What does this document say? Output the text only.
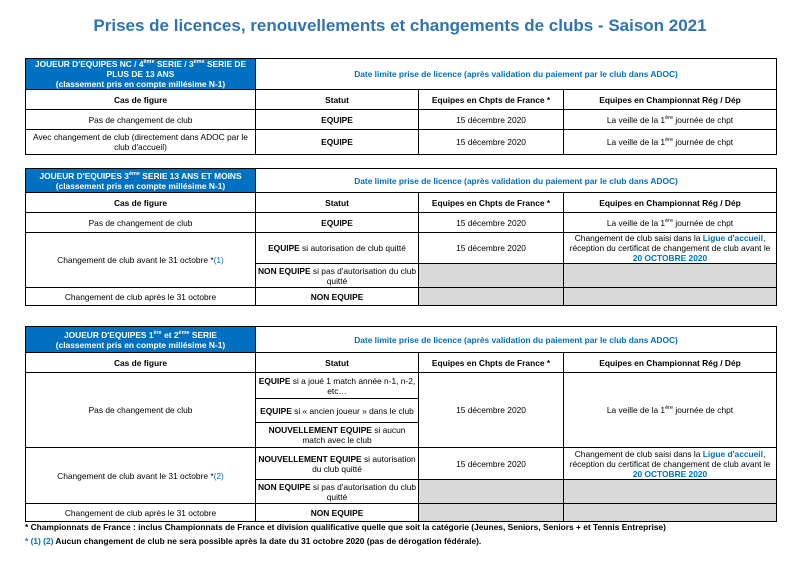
Prises de licences, renouvellements et changements de clubs - Saison 2021
JOUEUR D'EQUIPES NC / 4ème SERIE / 3ème SERIE DE PLUS DE 13 ANS
(classement pris en compte millésime N-1)	Date limite prise de licence (après validation du paiement par le club dans ADOC)		
Cas de figure	Statut	Equipes en Chpts de France *	Equipes en Championnat Rég / Dép
Pas de changement de club	EQUIPE	15 décembre 2020	La veille de la 1ère journée de chpt
Avec changement de club (directement dans ADOC par le club d'accueil)	EQUIPE	15 décembre 2020	La veille de la 1ère journée de chpt
JOUEUR D'EQUIPES 3ème SERIE 13 ANS ET MOINS
(classement pris en compte millésime N-1)	Date limite prise de licence (après validation du paiement par le club dans ADOC)		
Cas de figure	Statut	Equipes en Chpts de France *	Equipes en Championnat Rég / Dép
Pas de changement de club	EQUIPE	15 décembre 2020	La veille de la 1ère journée de chpt
Changement de club avant le 31 octobre *(1)	EQUIPE si autorisation de club quitté	15 décembre 2020	Changement de club saisi dans la Ligue d'accueil, réception du certificat de changement de club avant le
20 OCTOBRE 2020
	NON EQUIPE si pas d'autorisation du club quitté		
Changement de club après le 31 octobre	NON EQUIPE		
JOUEUR D'EQUIPES 1ère et 2ème SERIE
(classement pris en compte millésime N-1)	Date limite prise de licence (après validation du paiement par le club dans ADOC)		
Cas de figure	Statut	Equipes en Chpts de France *	Equipes en Championnat Rég / Dép
Pas de changement de club	EQUIPE si a joué 1 match année n-1, n-2, etc…	15 décembre 2020	La veille de la 1ère journée de chpt
	EQUIPE si « ancien joueur » dans le club		
	NOUVELLEMENT EQUIPE si aucun match avec le club		
Changement de club avant le 31 octobre *(2)	NOUVELLEMENT EQUIPE si autorisation du club quitté	15 décembre 2020	Changement de club saisi dans la Ligue d'accueil, réception du certificat de changement de club avant le
20 OCTOBRE 2020
	NON EQUIPE si pas d'autorisation du club quitté		
Changement de club après le 31 octobre	NON EQUIPE		
* Championnats de France : inclus Championnats de France et division qualificative quelle que soit la catégorie (Jeunes, Seniors, Seniors + et Tennis Entreprise)
* (1) (2) Aucun changement de club ne sera possible après la date du 31 octobre 2020 (pas de dérogation fédérale).
